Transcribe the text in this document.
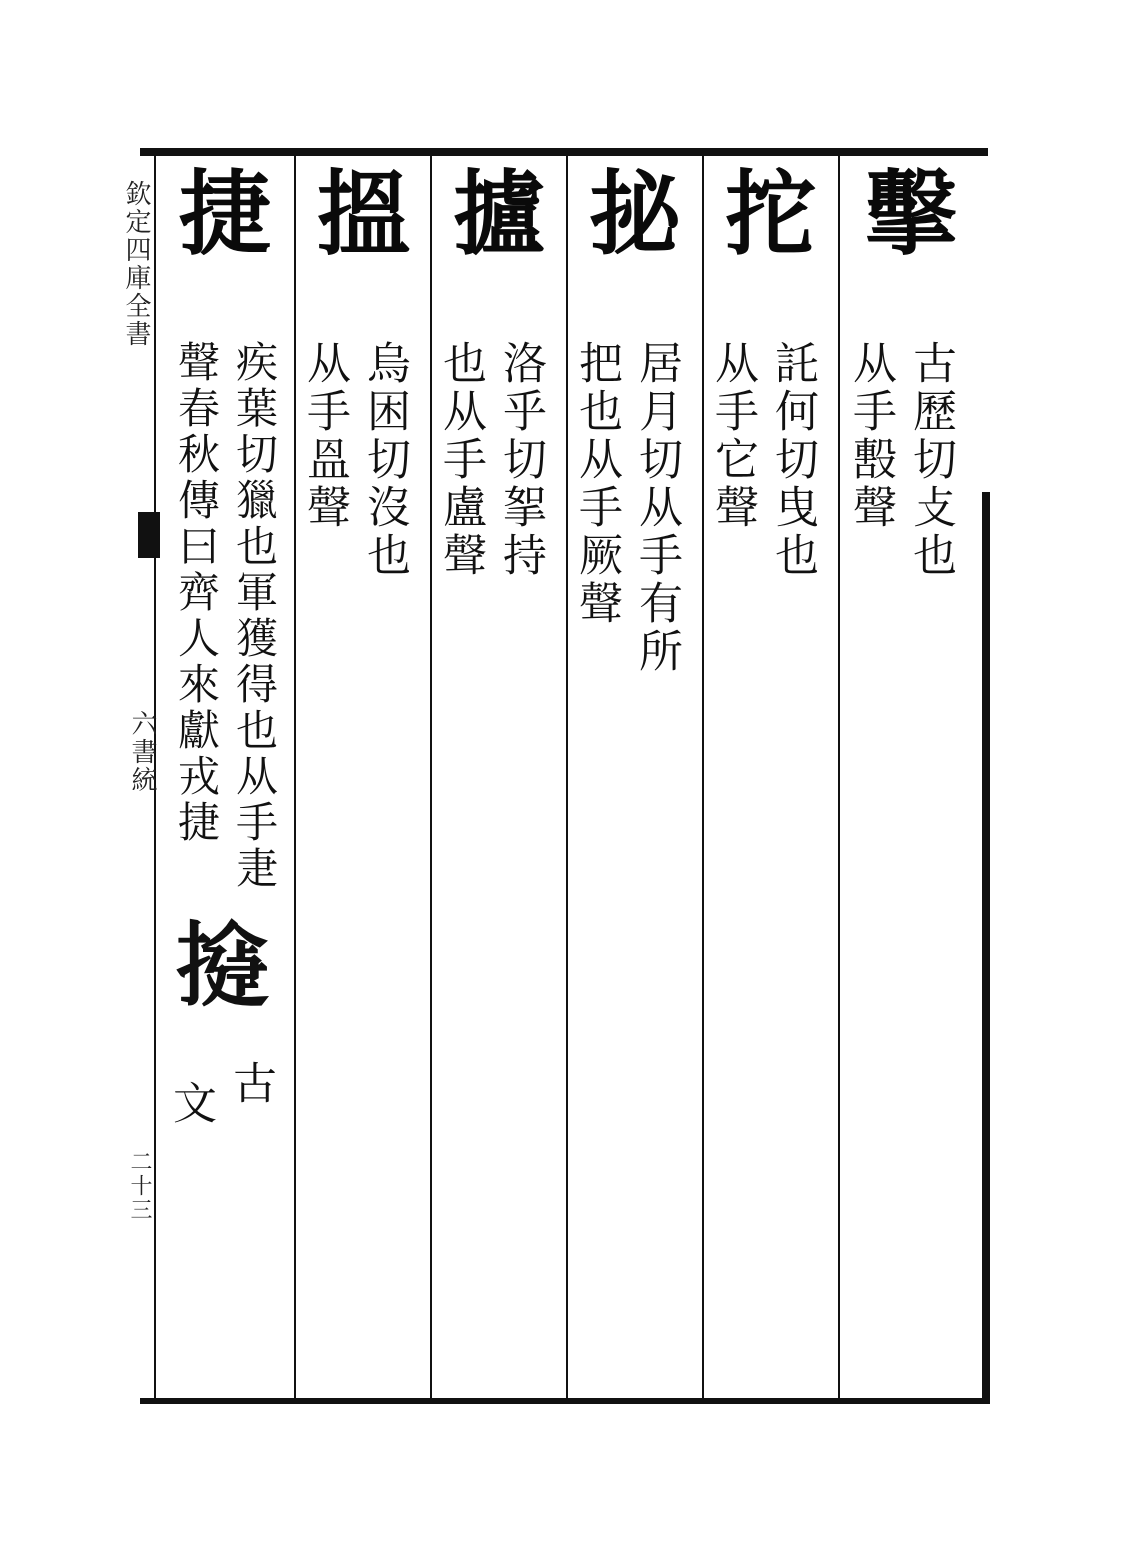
欽定四庫全書
六書統
二十三
擊
古歷切攴也
从手毄聲
拕
託何切曳也
从手它聲
㧙
居月切从手有所
把也从手厥聲
攎
洛乎切挐持
也从手盧聲
搵
烏困切沒也
从手𥁕聲
捷
疾葉切獵也軍獲得也从手疌
聲春秋傳曰齊人來獻戎捷
𢵂
古
文
